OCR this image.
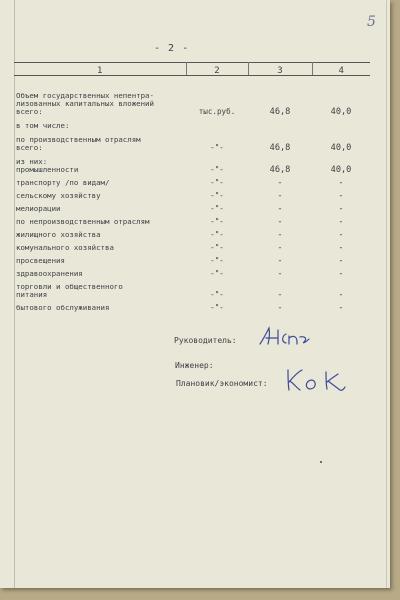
5
- 2 -
1	2	3	4
Объем государственных непентра-
лизованных капитальных вложений
всего:	тыс.руб.	46,8	40,0
в том числе:			
по производственным отраслям
всего:	-"-	46,8	40,0
из них:
промышленности	-"-	46,8	40,0
транспорту /по видам/	-"-	-	-
сельскому хозяйству	-"-	-	-
мелиорации	-"-	-	-
по непроизводственным отраслям	-"-	-	-
жилищного хозяйства	-"-	-	-
комунального хозяйства	-"-	-	-
просвещения	-"-	-	-
здравоохранения	-"-	-	-
торговли и общественного
питания	-"-	-	-
бытового обслуживания	-"-	-	-
Руководитель:
Инженер:
Плановик/экономист:
